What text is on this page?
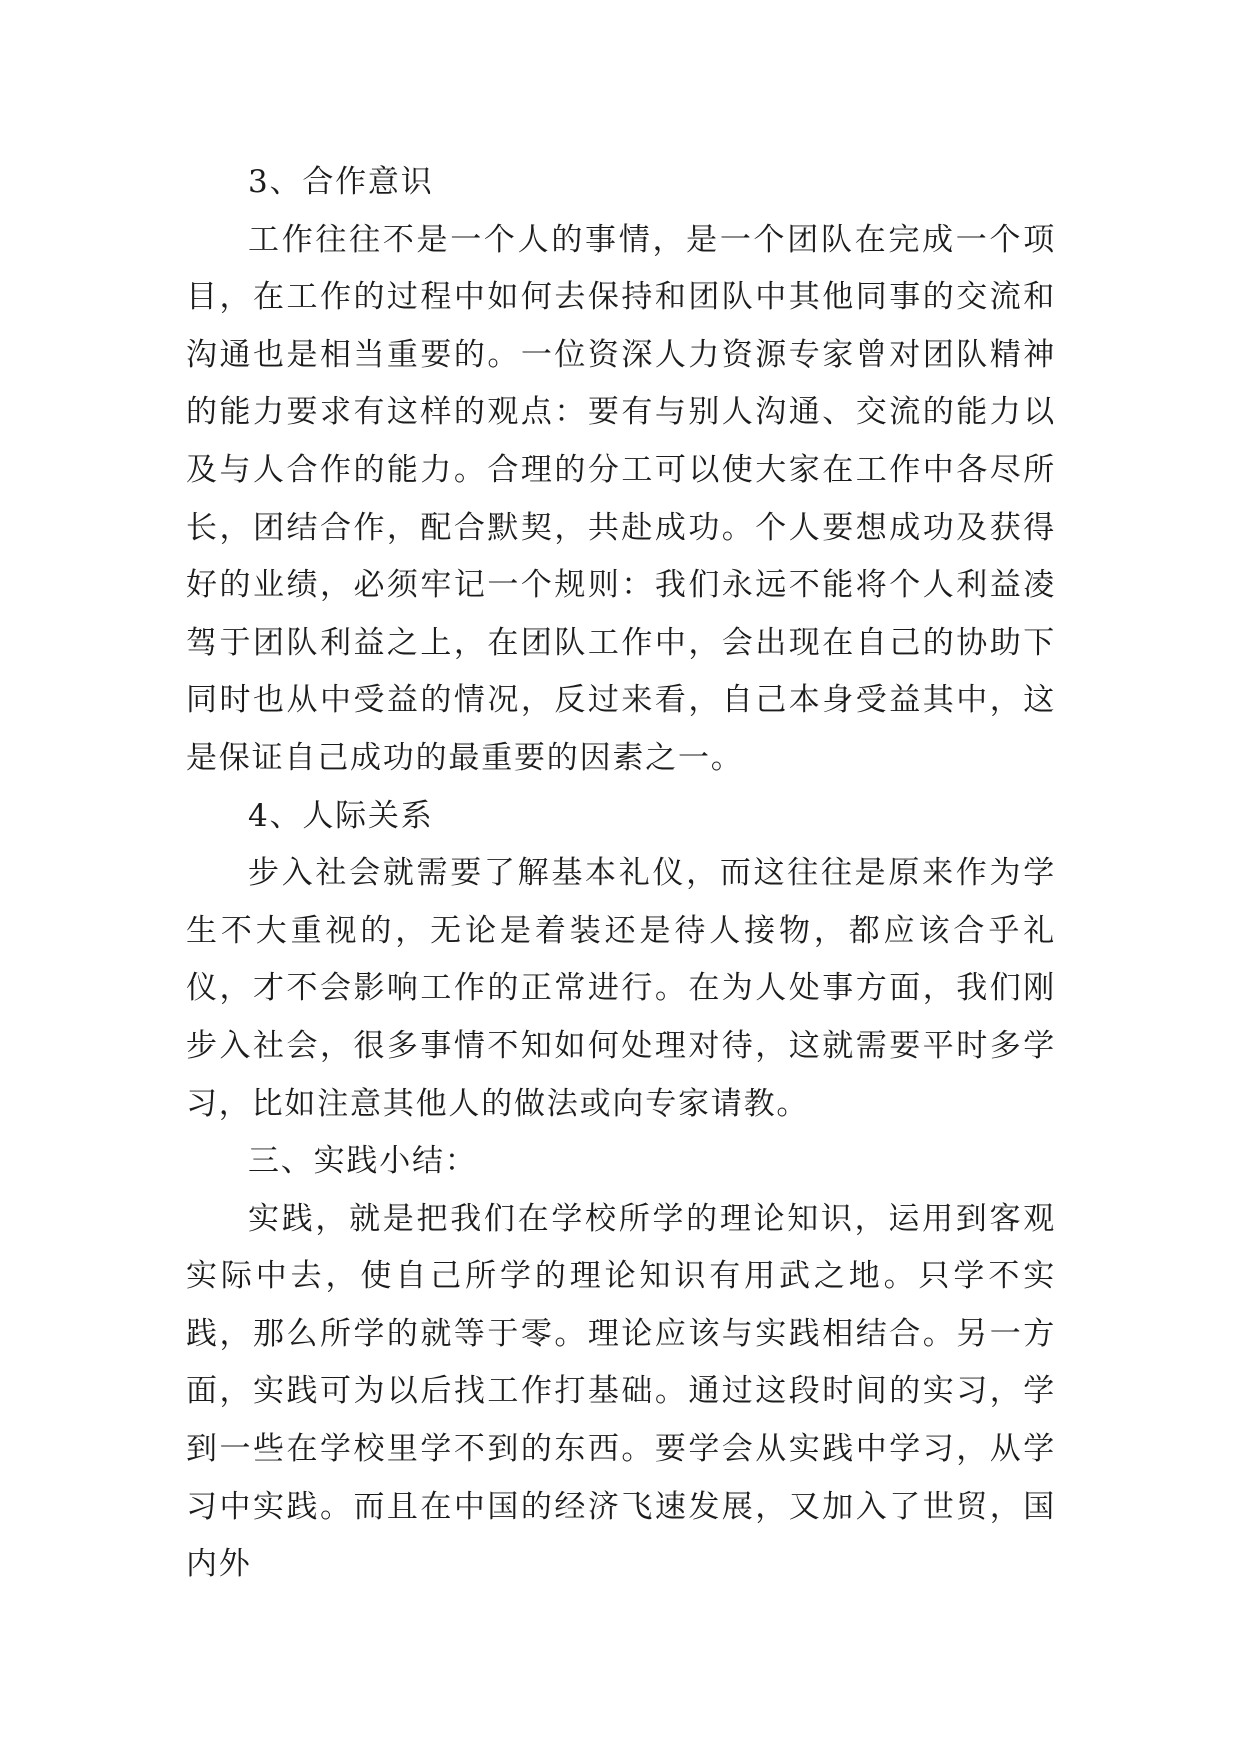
3、合作意识

工作往往不是一个人的事情，是一个团队在完成一个项目，在工作的过程中如何去保持和团队中其他同事的交流和沟通也是相当重要的。一位资深人力资源专家曾对团队精神的能力要求有这样的观点：要有与别人沟通、交流的能力以及与人合作的能力。合理的分工可以使大家在工作中各尽所长，团结合作，配合默契，共赴成功。个人要想成功及获得好的业绩，必须牢记一个规则：我们永远不能将个人利益凌驾于团队利益之上，在团队工作中，会出现在自己的协助下同时也从中受益的情况，反过来看，自己本身受益其中，这是保证自己成功的最重要的因素之一。

4、人际关系

步入社会就需要了解基本礼仪，而这往往是原来作为学生不大重视的，无论是着装还是待人接物，都应该合乎礼仪，才不会影响工作的正常进行。在为人处事方面，我们刚步入社会，很多事情不知如何处理对待，这就需要平时多学习，比如注意其他人的做法或向专家请教。

三、实践小结：

实践，就是把我们在学校所学的理论知识，运用到客观实际中去，使自己所学的理论知识有用武之地。只学不实践，那么所学的就等于零。理论应该与实践相结合。另一方面，实践可为以后找工作打基础。通过这段时间的实习，学到一些在学校里学不到的东西。要学会从实践中学习，从学习中实践。而且在中国的经济飞速发展，又加入了世贸，国内外
